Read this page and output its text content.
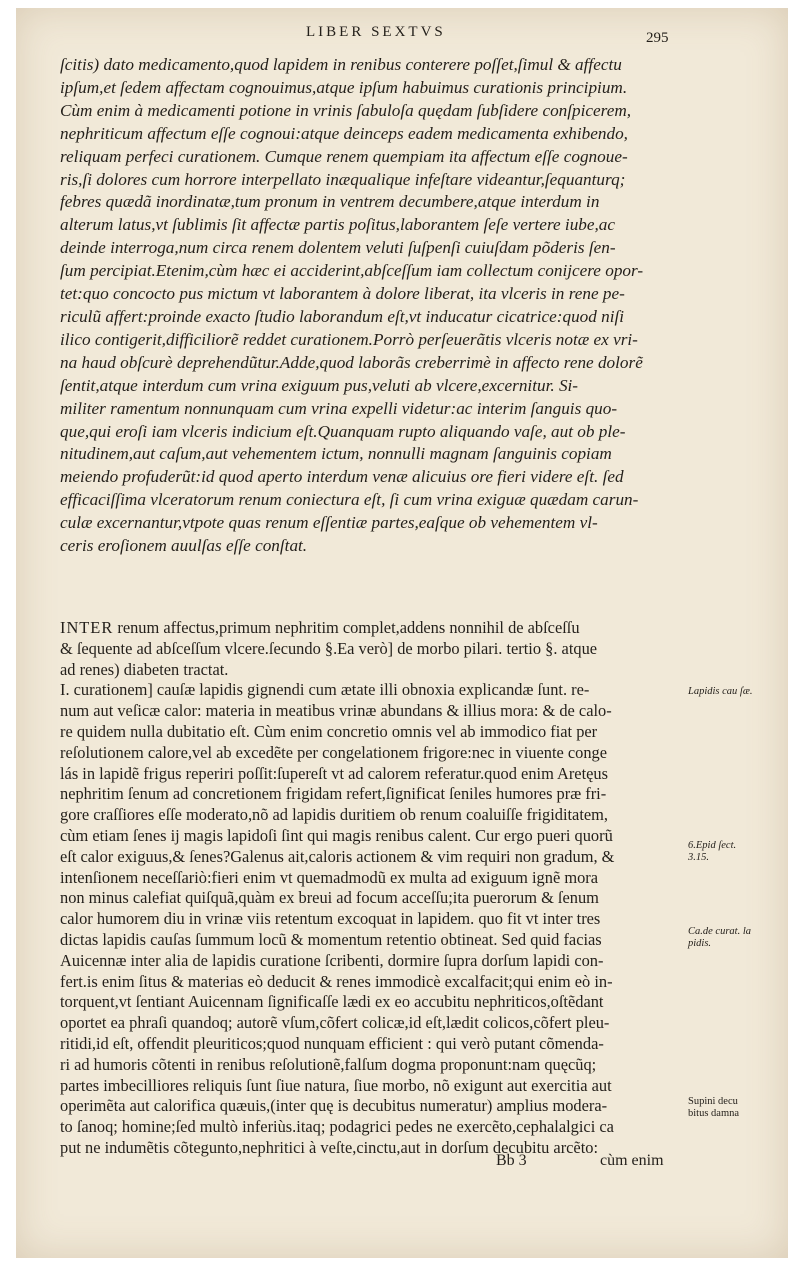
LIBER SEXTVS	295

ſcitis) dato medicamento,quod lapidem in renibus conterere poſſet,ſimul & affectu

ipſum,et ſedem affectam cognouimus,atque ipſum habuimus curationis principium.

Cùm enim à medicamenti potione in vrinis ſabuloſa quędam ſubſidere conſpicerem,

nephriticum affectum eſſe cognoui:atque deinceps eadem medicamenta exhibendo,

reliquam perfeci curationem. Cumque renem quempiam ita affectum eſſe cognoue-

ris,ſi dolores cum horrore interpellato inæqualique infeſtare videantur,ſequanturq;

febres quædã inordinatæ,tum pronum in ventrem decumbere,atque interdum in

alterum latus,vt ſublimis ſit affectæ partis poſitus,laborantem ſeſe vertere iube,ac

deinde interroga,num circa renem dolentem veluti ſuſpenſi cuiuſdam põderis ſen-

ſum percipiat.Etenim,cùm hæc ei acciderint,abſceſſum iam collectum conijcere opor-

tet:quo concocto pus mictum vt laborantem à dolore liberat, ita vlceris in rene pe-

riculũ affert:proinde exacto ſtudio laborandum eſt,vt inducatur cicatrice:quod niſi

ilico contigerit,difficiliorẽ reddet curationem.Porrò perſeuerãtis vlceris notæ ex vri-

na haud obſcurè deprehendũtur.Adde,quod laborãs creberrimè in affecto rene dolorẽ

ſentit,atque interdum cum vrina exiguum pus,veluti ab vlcere,excernitur. Si-

militer ramentum nonnunquam cum vrina expelli videtur:ac interim ſanguis quo-

que,qui eroſi iam vlceris indicium eſt.Quanquam rupto aliquando vaſe, aut ob ple-

nitudinem,aut caſum,aut vehementem ictum, nonnulli magnam ſanguinis copiam

meiendo profuderũt:id quod aperto interdum venæ alicuius ore fieri videre eſt. ſed

efficaciſſima vlceratorum renum coniectura eſt, ſi cum vrina exiguæ quædam carun-

culæ excernantur,vtpote quas renum eſſentiæ partes,eaſque ob vehementem vl-

ceris eroſionem auulſas eſſe conſtat.

INTER renum affectus,primum nephritim complet,addens nonnihil de abſceſſu

& ſequente ad abſceſſum vlcere.ſecundo §.Ea verò] de morbo pilari. tertio §. atque

ad renes) diabeten tractat.

I. curationem] cauſæ lapidis gignendi cum ætate illi obnoxia explicandæ ſunt. re-

num aut veſicæ calor: materia in meatibus vrinæ abundans & illius mora: & de calo-

re quidem nulla dubitatio eſt. Cùm enim concretio omnis vel ab immodico fiat per

reſolutionem calore,vel ab excedẽte per congelationem frigore:nec in viuente conge

lás in lapidẽ frigus reperiri poſſit:ſupereſt vt ad calorem referatur.quod enim Aretęus

nephritim ſenum ad concretionem frigidam refert,ſignificat ſeniles humores præ fri-

gore craſſiores eſſe moderato,nõ ad lapidis duritiem ob renum coaluiſſe frigiditatem,

cùm etiam ſenes ij magis lapidoſi ſint qui magis renibus calent. Cur ergo pueri quorũ

eſt calor exiguus,& ſenes?Galenus ait,caloris actionem & vim requiri non gradum, &

intenſionem neceſſariò:fieri enim vt quemadmodũ ex multa ad exiguum ignẽ mora

non minus calefiat quiſquã,quàm ex breui ad focum acceſſu;ita puerorum & ſenum

calor humorem diu in vrinæ viis retentum excoquat in lapidem. quo fit vt inter tres

dictas lapidis cauſas ſummum locũ & momentum retentio obtineat. Sed quid facias

Auicennæ inter alia de lapidis curatione ſcribenti, dormire ſupra dorſum lapidi con-

fert.is enim ſitus & materias eò deducit & renes immodicè excalfacit;qui enim eò in-

torquent,vt ſentiant Auicennam ſignificaſſe lædi ex eo accubitu nephriticos,oſtẽdant

oportet ea phraſi quandoq; autorẽ vſum,cõfert colicæ,id eſt,lædit colicos,cõfert pleu-

ritidi,id eſt, offendit pleuriticos;quod nunquam efficient : qui verò putant cõmenda-

ri ad humoris cõtenti in renibus reſolutionẽ,falſum dogma proponunt:nam quęcũq;

partes imbecilliores reliquis ſunt ſiue natura, ſiue morbo, nõ exigunt aut exercitia aut

operimẽta aut calorifica quæuis,(inter quę is decubitus numeratur) amplius modera-

to ſanoq; homine;ſed multò inferiùs.itaq; podagrici pedes ne exercẽto,cephalalgici ca

put ne indumẽtis cõteguntо,nephritici à veſte,cinctu,aut in dorſum decubitu arcẽto:

Lapidis cau ſæ.
6.Epid ſect. 3.15.
Ca.de curat. la pidis.
Supini decu bitus damna
Bb 3	cùm enim
